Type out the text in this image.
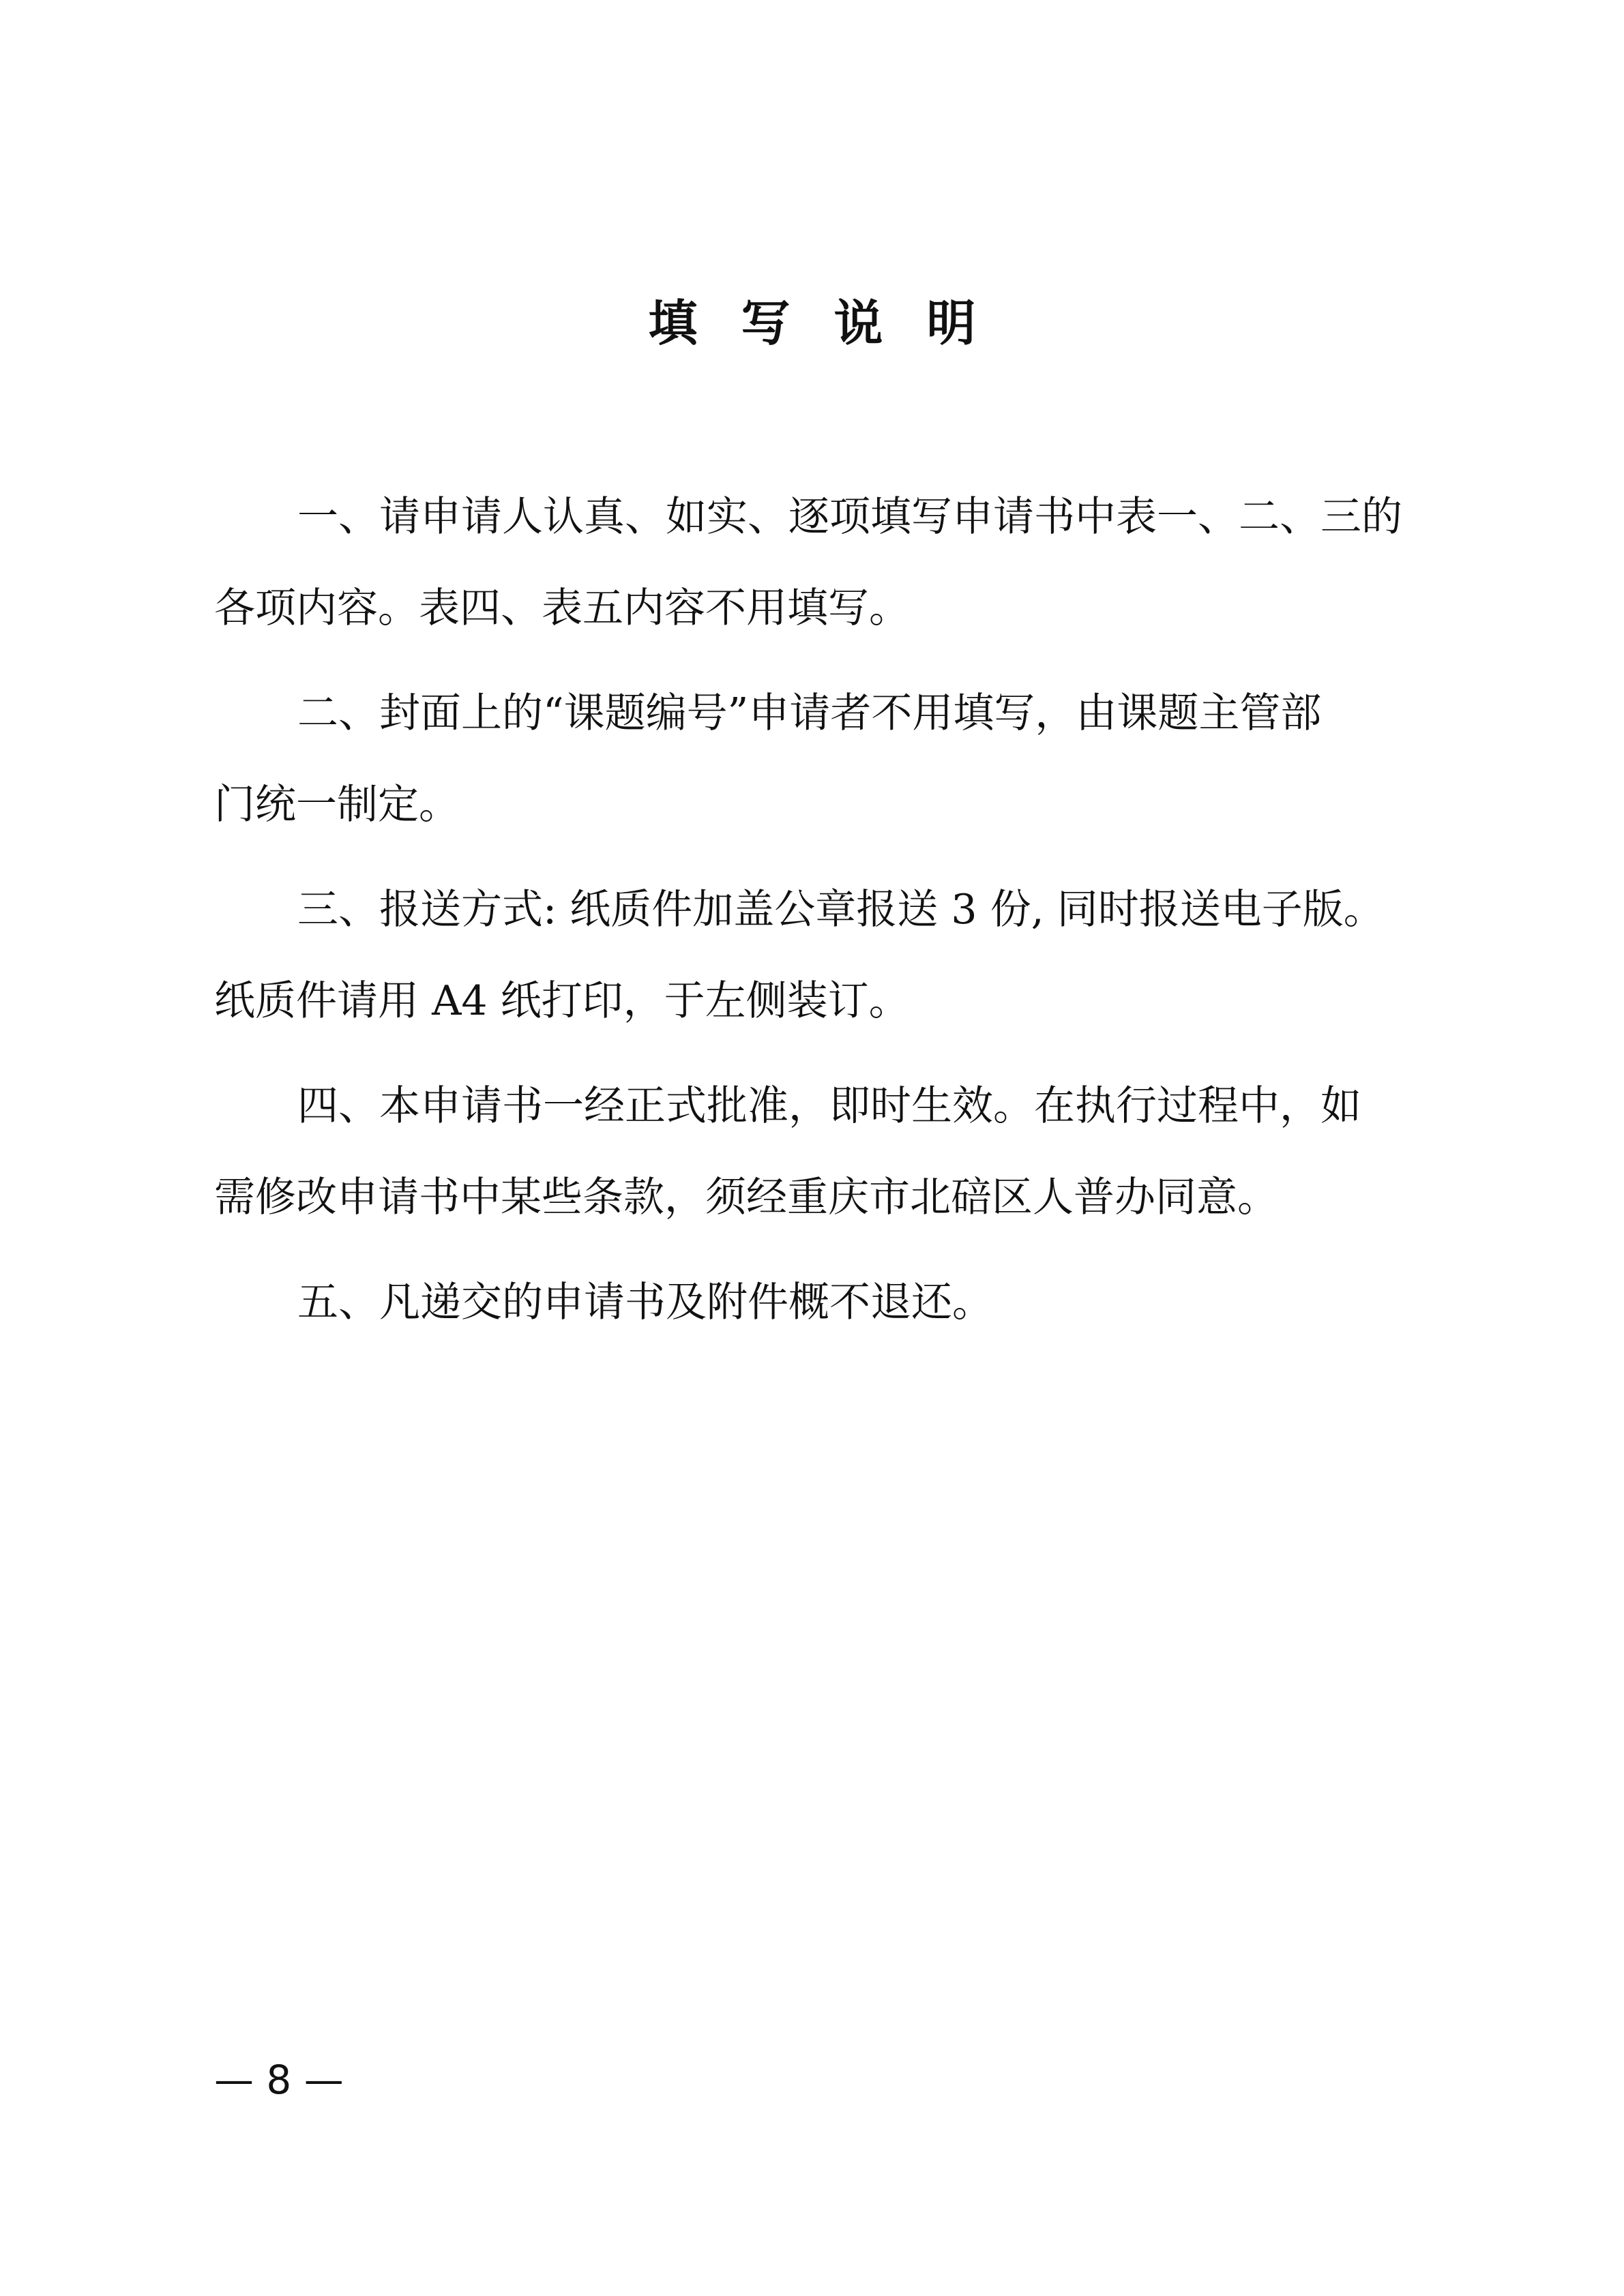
填写说明
一、请申请人认真、如实、逐项填写申请书中表一、二、三的
各项内容。表四、表五内容不用填写。
二、封面上的“课题编号”申请者不用填写，由课题主管部
门统一制定。
三、报送方式: 纸质件加盖公章报送 3 份, 同时报送电子版。
纸质件请用 A4 纸打印，于左侧装订。
四、本申请书一经正式批准，即时生效。在执行过程中，如
需修改申请书中某些条款，须经重庆市北碚区人普办同意。
五、凡递交的申请书及附件概不退还。
— 8 —
